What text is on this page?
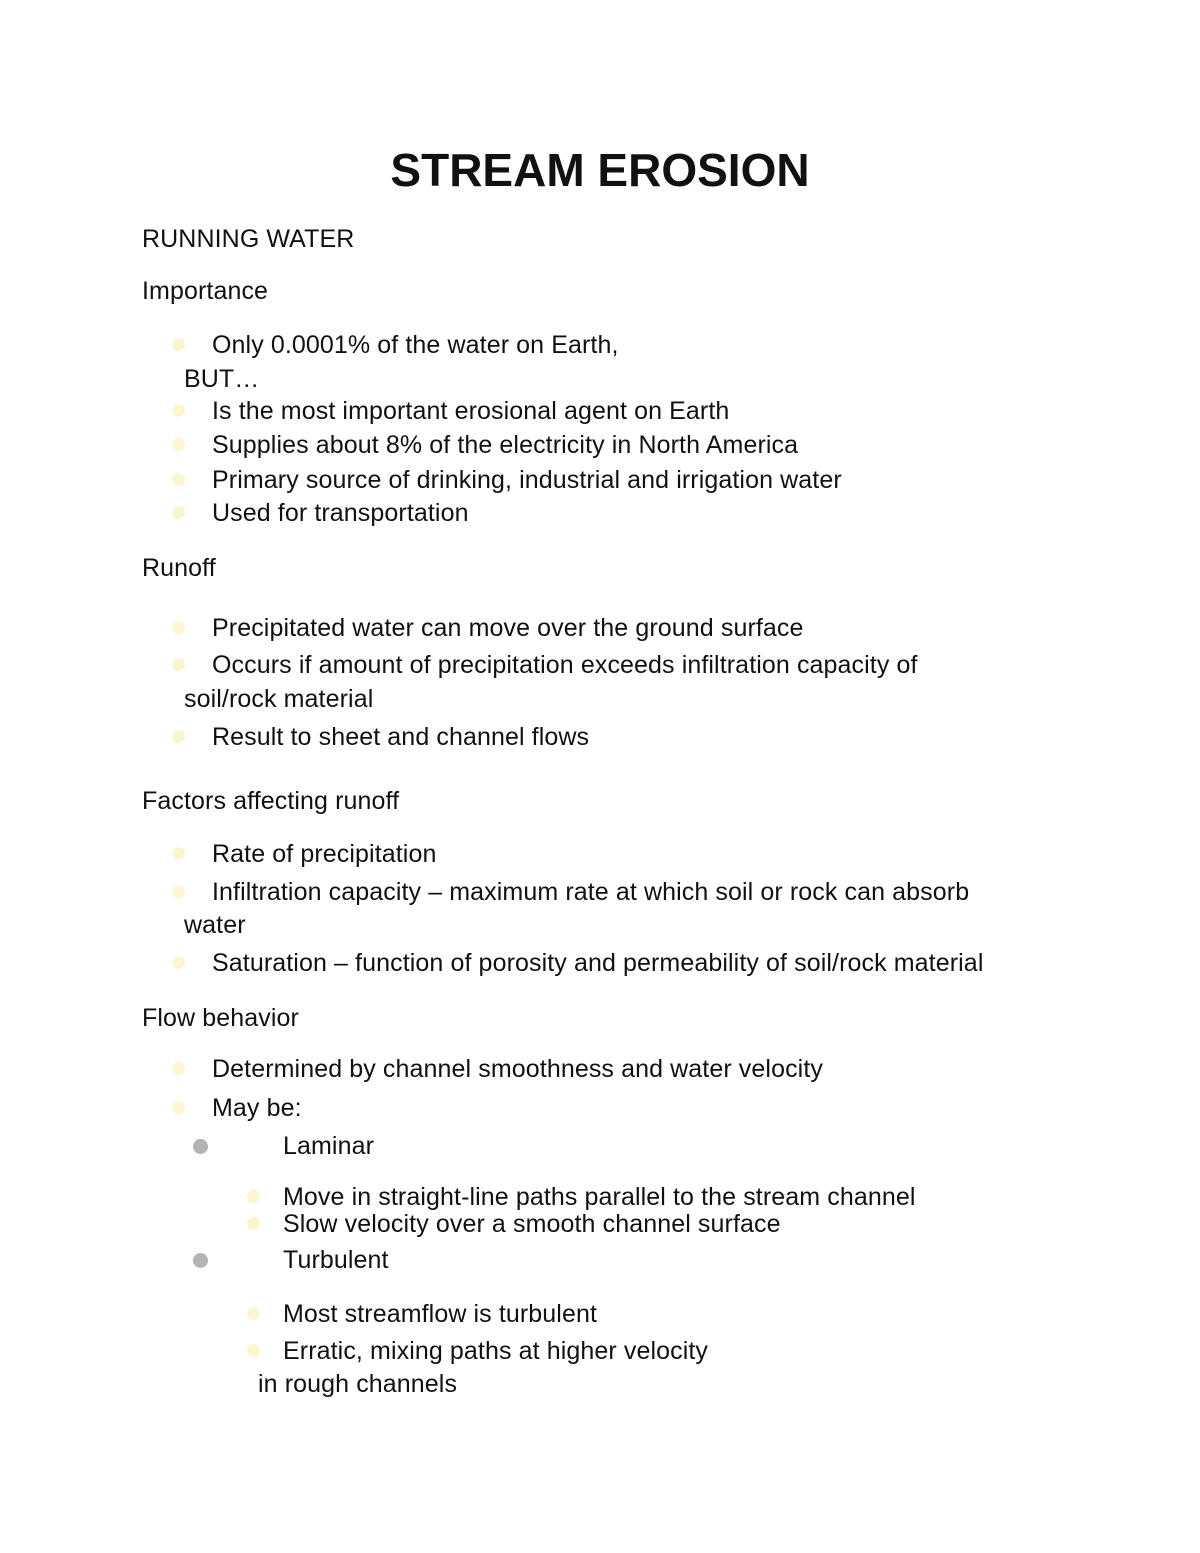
STREAM EROSION
RUNNING WATER
Importance
Only 0.0001% of the water on Earth,
BUT…
Is the most important erosional agent on Earth
Supplies about 8% of the electricity in North America
Primary source of drinking, industrial and irrigation water
Used for transportation
Runoff
Precipitated water can move over the ground surface
Occurs if amount of precipitation exceeds infiltration capacity of
soil/rock material
Result to sheet and channel flows
Factors affecting runoff
Rate of precipitation
Infiltration capacity – maximum rate at which soil or rock can absorb
water
Saturation – function of porosity and permeability of soil/rock material
Flow behavior
Determined by channel smoothness and water velocity
May be:
Laminar
Move in straight-line paths parallel to the stream channel
Slow velocity over a smooth channel surface
Turbulent
Most streamflow is turbulent
Erratic, mixing paths at higher velocity
in rough channels
